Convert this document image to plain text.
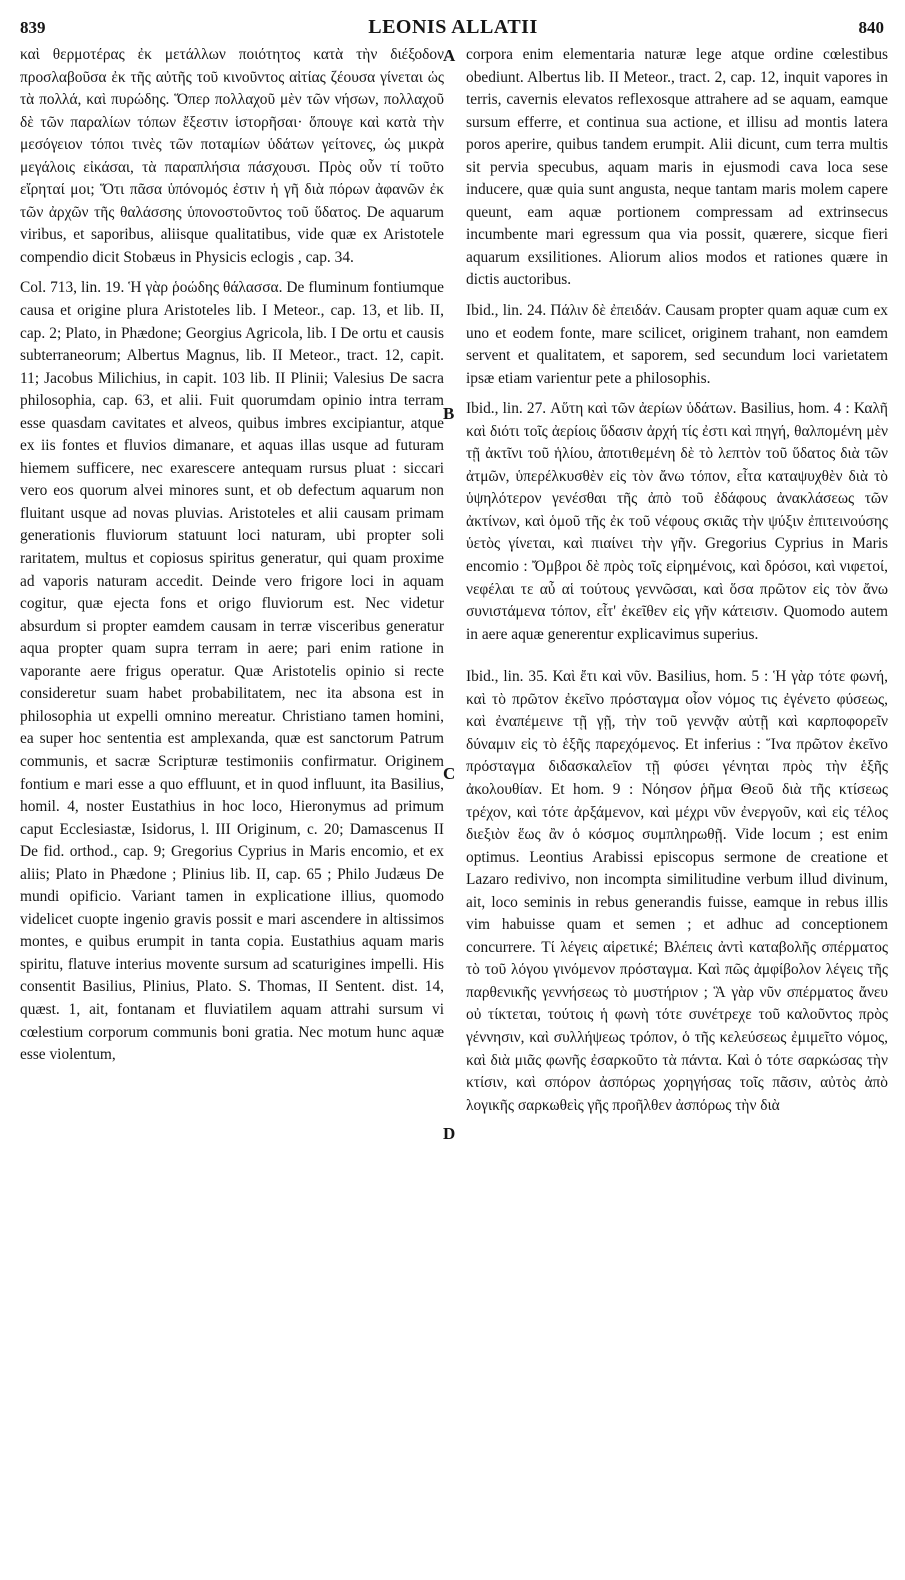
839	LEONIS ALLATII	840

καὶ θερμοτέρας ἐκ μετάλλων ποιότητος κατὰ τὴν διέξοδον προσλαβοῦσα ἐκ τῆς αὐτῆς τοῦ κινοῦντος αἰτίας ζέουσα γίνεται ὡς τὰ πολλά, καὶ πυρώδης. Ὅπερ πολλαχοῦ μὲν τῶν νήσων, πολλαχοῦ δὲ τῶν παραλίων τόπων ἔξεστιν ἱστορῆσαι· ὅπουγε καὶ κατὰ τὴν μεσόγειον τόποι τινὲς τῶν ποταμίων ὑδάτων γείτονες, ὡς μικρὰ μεγάλοις εἰκάσαι, τὰ παραπλήσια πάσχουσι. Πρὸς οὖν τί τοῦτο εἴρηταί μοι; Ὅτι πᾶσα ὑπόνομός ἐστιν ἡ γῆ διὰ πόρων ἀφανῶν ἐκ τῶν ἀρχῶν τῆς θαλάσσης ὑπονοστοῦντος τοῦ ὕδατος. De aquarum viribus, et saporibus, aliisque qualitatibus, vide quæ ex Aristotele compendio dicit Stobæus in Physicis eclogis , cap. 34.

Col. 713, lin. 19. Ἡ γὰρ ῥοώδης θάλασσα. De fluminum fontiumque causa et origine plura Aristoteles lib. I Meteor., cap. 13, et lib. II, cap. 2; Plato, in Phædone; Georgius Agricola, lib. I De ortu et causis subterraneorum; Albertus Magnus, lib. II Meteor., tract. 12, capit. 11; Jacobus Milichius, in capit. 103 lib. II Plinii; Valesius De sacra philosophia, cap. 63, et alii. Fuit quorumdam opinio intra terram esse quasdam cavitates et alveos, quibus imbres excipiantur, atque ex iis fontes et fluvios dimanare, et aquas illas usque ad futuram hiemem sufficere, nec exarescere antequam rursus pluat : siccari vero eos quorum alvei minores sunt, et ob defectum aquarum non fluitant usque ad novas pluvias. Aristoteles et alii causam primam generationis fluviorum statuunt loci naturam, ubi propter soli raritatem, multus et copiosus spiritus generatur, qui quam proxime ad vaporis naturam accedit. Deinde vero frigore loci in aquam cogitur, quæ ejecta fons et origo fluviorum est. Nec videtur absurdum si propter eamdem causam in terræ visceribus generatur aqua propter quam supra terram in aere; pari enim ratione in vaporante aere frigus operatur. Quæ Aristotelis opinio si recte consideretur suam habet probabilitatem, nec ita absona est in philosophia ut expelli omnino mereatur. Christiano tamen homini, ea super hoc sententia est amplexanda, quæ est sanctorum Patrum communis, et sacræ Scripturæ testimoniis confirmatur. Originem fontium e mari esse a quo effluunt, et in quod influunt, ita Basilius, homil. 4, noster Eustathius in hoc loco, Hieronymus ad primum caput Ecclesiastæ, Isidorus, l. III Originum, c. 20; Damascenus II De fid. orthod., cap. 9; Gregorius Cyprius in Maris encomio, et ex aliis; Plato in Phædone ; Plinius lib. II, cap. 65 ; Philo Judæus De mundi opificio. Variant tamen in explicatione illius, quomodo videlicet cuopte ingenio gravis possit e mari ascendere in altissimos montes, e quibus erumpit in tanta copia. Eustathius aquam maris spiritu, flatuve interius movente sursum ad scaturigines impelli. His consentit Basilius, Plinius, Plato. S. Thomas, II Sentent. dist. 14, quæst. 1, ait, fontanam et fluviatilem aquam attrahi sursum vi cœlestium corporum communis boni gratia. Nec motum hunc aquæ esse violentum,

A
B
C
D

corpora enim elementaria naturæ lege atque ordine cœlestibus obediunt. Albertus lib. II Meteor., tract. 2, cap. 12, inquit vapores in terris, cavernis elevatos reflexosque attrahere ad se aquam, eamque sursum efferre, et continua sua actione, et illisu ad montis latera poros aperire, quibus tandem erumpit. Alii dicunt, cum terra multis sit pervia specubus, aquam maris in ejusmodi cava loca sese inducere, quæ quia sunt angusta, neque tantam maris molem capere queunt, eam aquæ portionem compressam ad extrinsecus incumbente mari egressum qua via possit, quærere, sicque fieri aquarum exsilitiones. Aliorum alios modos et rationes quære in dictis auctoribus.

Ibid., lin. 24. Πάλιν δὲ ἐπειδάν. Causam propter quam aquæ cum ex uno et eodem fonte, mare scilicet, originem trahant, non eamdem servent et qualitatem, et saporem, sed secundum loci varietatem ipsæ etiam varientur pete a philosophis.

Ibid., lin. 27. Αὕτη καὶ τῶν ἀερίων ὑδάτων. Basilius, hom. 4 : Καλῆ καὶ διότι τοῖς ἀερίοις ὕδασιν ἀρχή τίς ἐστι καὶ πηγή, θαλπομένη μὲν τῇ ἀκτῖνι τοῦ ἡλίου, ἀποτιθεμένη δὲ τὸ λεπτὸν τοῦ ὕδατος διὰ τῶν ἀτμῶν, ὑπερέλκυσθὲν εἰς τὸν ἄνω τόπον, εἶτα καταψυχθὲν διὰ τὸ ὑψηλότερον γενέσθαι τῆς ἀπὸ τοῦ ἐδάφους ἀνακλάσεως τῶν ἀκτίνων, καὶ ὁμοῦ τῆς ἐκ τοῦ νέφους σκιᾶς τὴν ψύξιν ἐπιτεινούσης ὑετὸς γίνεται, καὶ πιαίνει τὴν γῆν. Gregorius Cyprius in Maris encomio : Ὄμβροι δὲ πρὸς τοῖς εἰρημένοις, καὶ δρόσοι, καὶ νιφετοί, νεφέλαι τε αὖ αἱ τούτους γεννῶσαι, καὶ ὅσα πρῶτον εἰς τὸν ἄνω συνιστάμενα τόπον, εἶτ' ἐκεῖθεν εἰς γῆν κάτεισιν. Quomodo autem in aere aquæ generentur explicavimus superius.

Ibid., lin. 35. Καὶ ἔτι καὶ νῦν. Basilius, hom. 5 : Ἡ γὰρ τότε φωνή, καὶ τὸ πρῶτον ἐκεῖνο πρόσταγμα οἷον νόμος τις ἐγένετο φύσεως, καὶ ἐναπέμεινε τῇ γῇ, τὴν τοῦ γεννᾷν αὐτῇ καὶ καρποφορεῖν δύναμιν εἰς τὸ ἑξῆς παρεχόμενος. Et inferius : Ἵνα πρῶτον ἐκεῖνο πρόσταγμα διδασκαλεῖον τῇ φύσει γένηται πρὸς τὴν ἑξῆς ἀκολουθίαν. Et hom. 9 : Νόησον ῥῆμα Θεοῦ διὰ τῆς κτίσεως τρέχον, καὶ τότε ἀρξάμενον, καὶ μέχρι νῦν ἐνεργοῦν, καὶ εἰς τέλος διεξιὸν ἕως ἂν ὁ κόσμος συμπληρωθῇ. Vide locum ; est enim optimus. Leontius Arabissi episcopus sermone de creatione et Lazaro redivivo, non incompta similitudine verbum illud divinum, ait, loco seminis in rebus generandis fuisse, eamque in rebus illis vim habuisse quam et semen ; et adhuc ad conceptionem concurrere. Τί λέγεις αἱρετικέ; Βλέπεις ἀντὶ καταβολῆς σπέρματος τὸ τοῦ λόγου γινόμενον πρόσταγμα. Καὶ πῶς ἀμφίβολον λέγεις τῆς παρθενικῆς γεννήσεως τὸ μυστήριον ; Ἃ γὰρ νῦν σπέρματος ἄνευ οὐ τίκτεται, τούτοις ἡ φωνὴ τότε συνέτρεχε τοῦ καλοῦντος πρὸς γέννησιν, καὶ συλλήψεως τρόπον, ὁ τῆς κελεύσεως ἐμιμεῖτο νόμος, καὶ διὰ μιᾶς φωνῆς ἐσαρκοῦτο τὰ πάντα. Καὶ ὁ τότε σαρκώσας τὴν κτίσιν, καὶ σπόρον ἀσπόρως χορηγήσας τοῖς πᾶσιν, αὐτὸς ἀπὸ λογικῆς σαρκωθεὶς γῆς προῆλθεν ἀσπόρως τὴν διὰ
